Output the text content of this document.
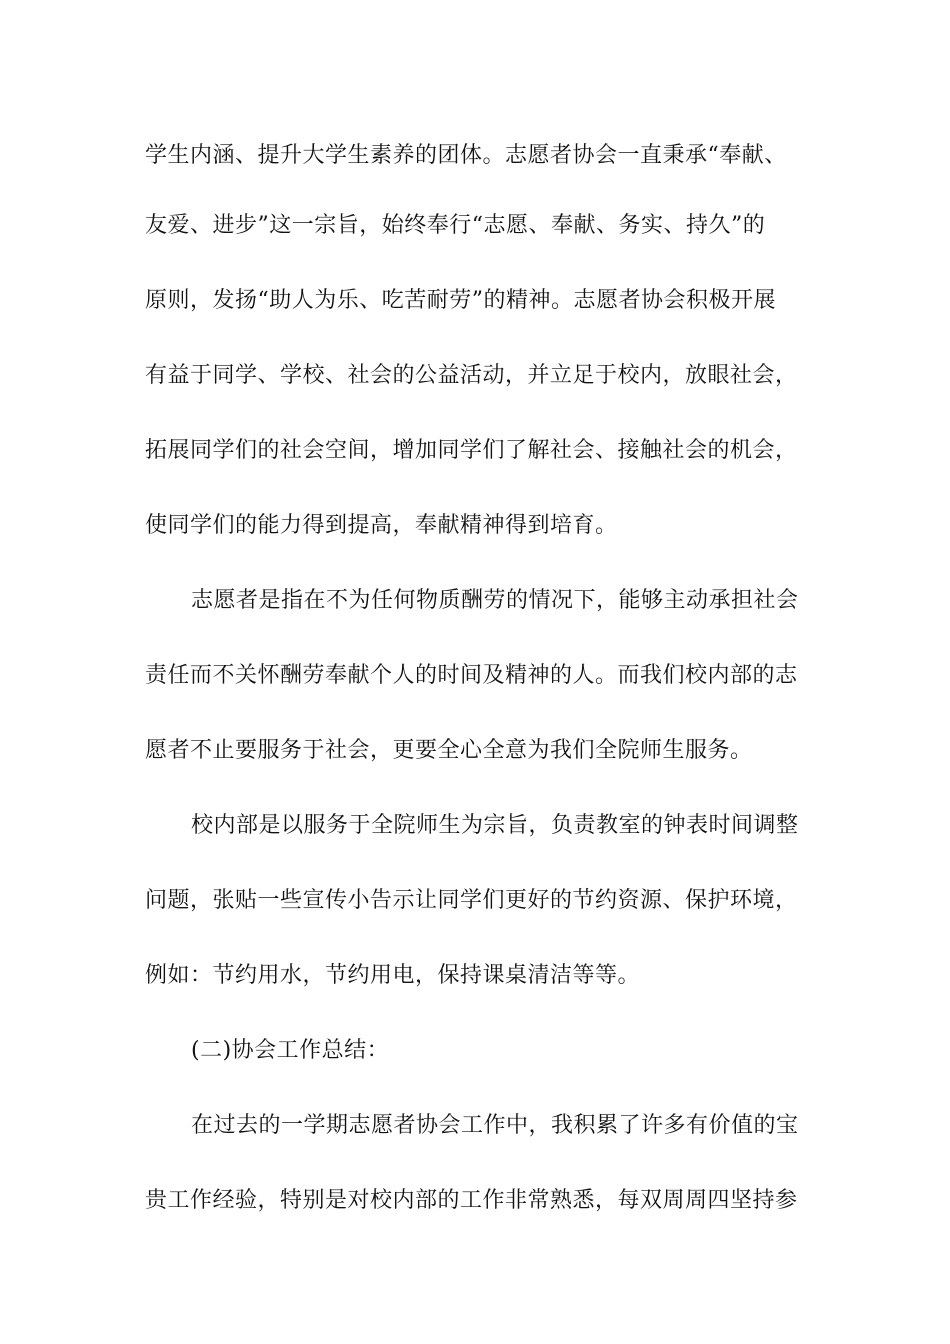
学生内涵、提升大学生素养的团体。志愿者协会一直秉承“奉献、
友爱、进步”这一宗旨，始终奉行“志愿、奉献、务实、持久”的
原则，发扬“助人为乐、吃苦耐劳”的精神。志愿者协会积极开展
有益于同学、学校、社会的公益活动，并立足于校内，放眼社会，
拓展同学们的社会空间，增加同学们了解社会、接触社会的机会，
使同学们的能力得到提高，奉献精神得到培育。
志愿者是指在不为任何物质酬劳的情况下，能够主动承担社会
责任而不关怀酬劳奉献个人的时间及精神的人。而我们校内部的志
愿者不止要服务于社会，更要全心全意为我们全院师生服务。
校内部是以服务于全院师生为宗旨，负责教室的钟表时间调整
问题，张贴一些宣传小告示让同学们更好的节约资源、保护环境，
例如：节约用水，节约用电，保持课桌清洁等等。
(二)协会工作总结：
在过去的一学期志愿者协会工作中，我积累了许多有价值的宝
贵工作经验，特别是对校内部的工作非常熟悉，每双周周四坚持参
